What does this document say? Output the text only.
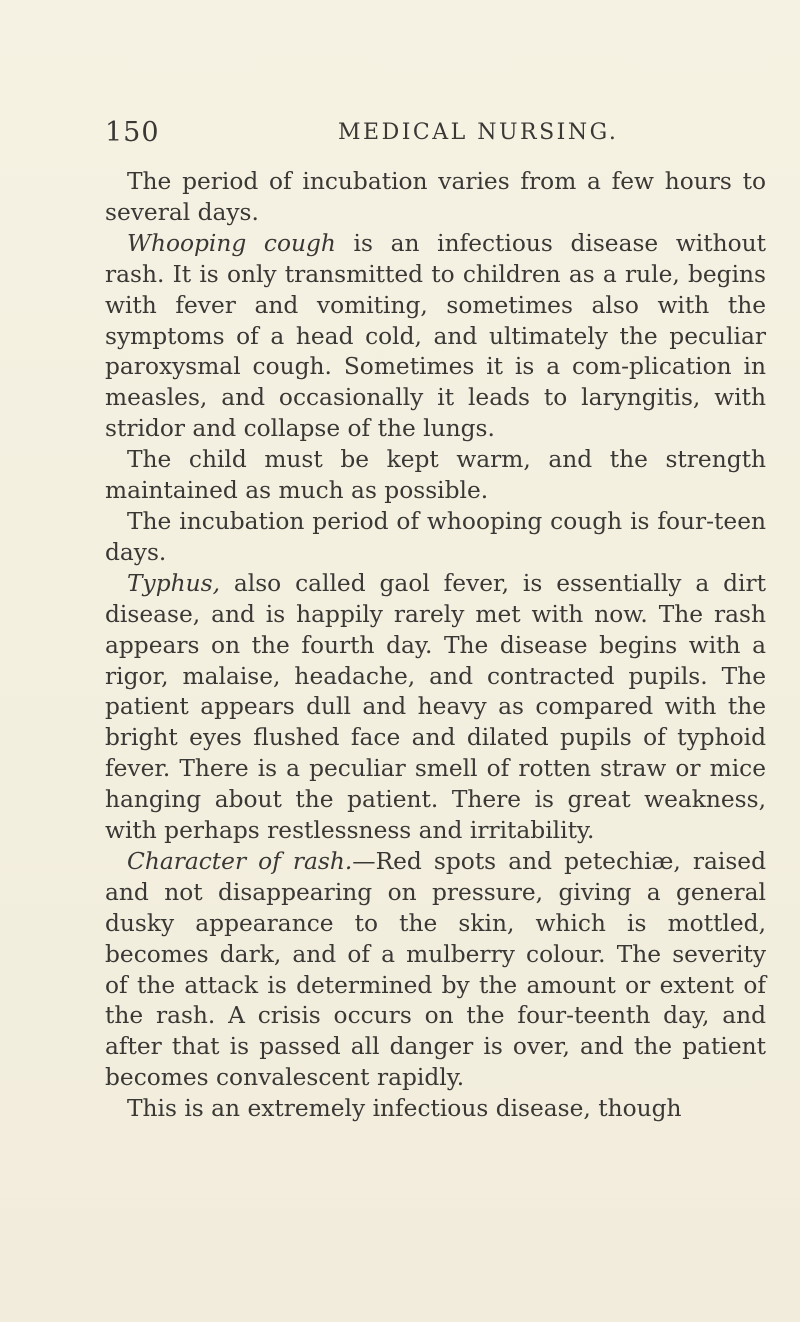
150	MEDICAL NURSING.

The period of incubation varies from a few hours to several days.

Whooping cough is an infectious disease without rash. It is only transmitted to children as a rule, begins with fever and vomiting, sometimes also with the symptoms of a head cold, and ultimately the peculiar paroxysmal cough. Sometimes it is a com-plication in measles, and occasionally it leads to laryngitis, with stridor and collapse of the lungs.

The child must be kept warm, and the strength maintained as much as possible.

The incubation period of whooping cough is four-teen days.

Typhus, also called gaol fever, is essentially a dirt disease, and is happily rarely met with now. The rash appears on the fourth day. The disease begins with a rigor, malaise, headache, and contracted pupils. The patient appears dull and heavy as compared with the bright eyes flushed face and dilated pupils of typhoid fever. There is a peculiar smell of rotten straw or mice hanging about the patient. There is great weakness, with perhaps restlessness and irritability.

Character of rash.—Red spots and petechiæ, raised and not disappearing on pressure, giving a general dusky appearance to the skin, which is mottled, becomes dark, and of a mulberry colour. The severity of the attack is determined by the amount or extent of the rash. A crisis occurs on the four-teenth day, and after that is passed all danger is over, and the patient becomes convalescent rapidly.

This is an extremely infectious disease, though
